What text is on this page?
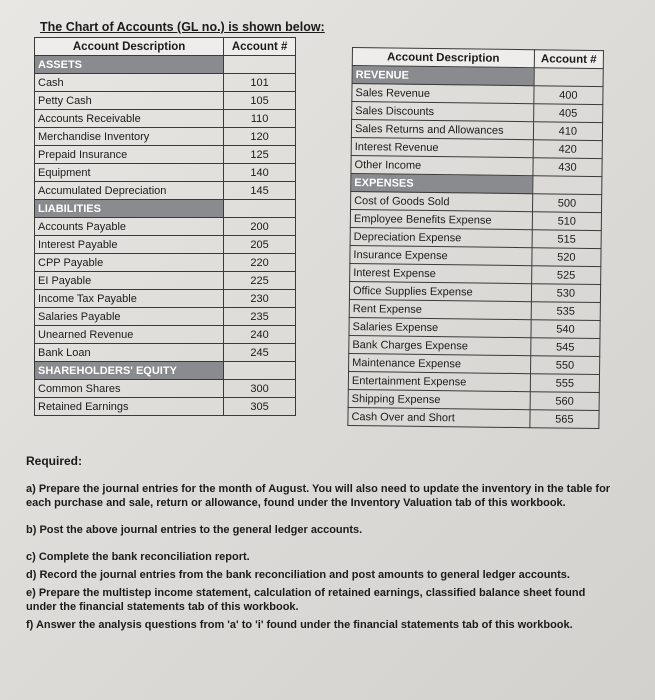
The Chart of Accounts (GL no.) is shown below:
Account Description	Account #
ASSETS	
Cash	101
Petty Cash	105
Accounts Receivable	110
Merchandise Inventory	120
Prepaid Insurance	125
Equipment	140
Accumulated Depreciation	145
LIABILITIES	
Accounts Payable	200
Interest Payable	205
CPP Payable	220
EI Payable	225
Income Tax Payable	230
Salaries Payable	235
Unearned Revenue	240
Bank Loan	245
SHAREHOLDERS' EQUITY	
Common Shares	300
Retained Earnings	305
Account Description	Account #
REVENUE	
Sales Revenue	400
Sales Discounts	405
Sales Returns and Allowances	410
Interest Revenue	420
Other Income	430
EXPENSES	
Cost of Goods Sold	500
Employee Benefits Expense	510
Depreciation Expense	515
Insurance Expense	520
Interest Expense	525
Office Supplies Expense	530
Rent Expense	535
Salaries Expense	540
Bank Charges Expense	545
Maintenance Expense	550
Entertainment Expense	555
Shipping Expense	560
Cash Over and Short	565

Required:

a) Prepare the journal entries for the month of August. You will also need to update the inventory in the table for each purchase and sale, return or allowance, found under the Inventory Valuation tab of this workbook.

b) Post the above journal entries to the general ledger accounts.

c) Complete the bank reconciliation report.

d) Record the journal entries from the bank reconciliation and post amounts to general ledger accounts.

e) Prepare the multistep income statement, calculation of retained earnings, classified balance sheet found under the financial statements tab of this workbook.

f) Answer the analysis questions from 'a' to 'i' found under the financial statements tab of this workbook.
